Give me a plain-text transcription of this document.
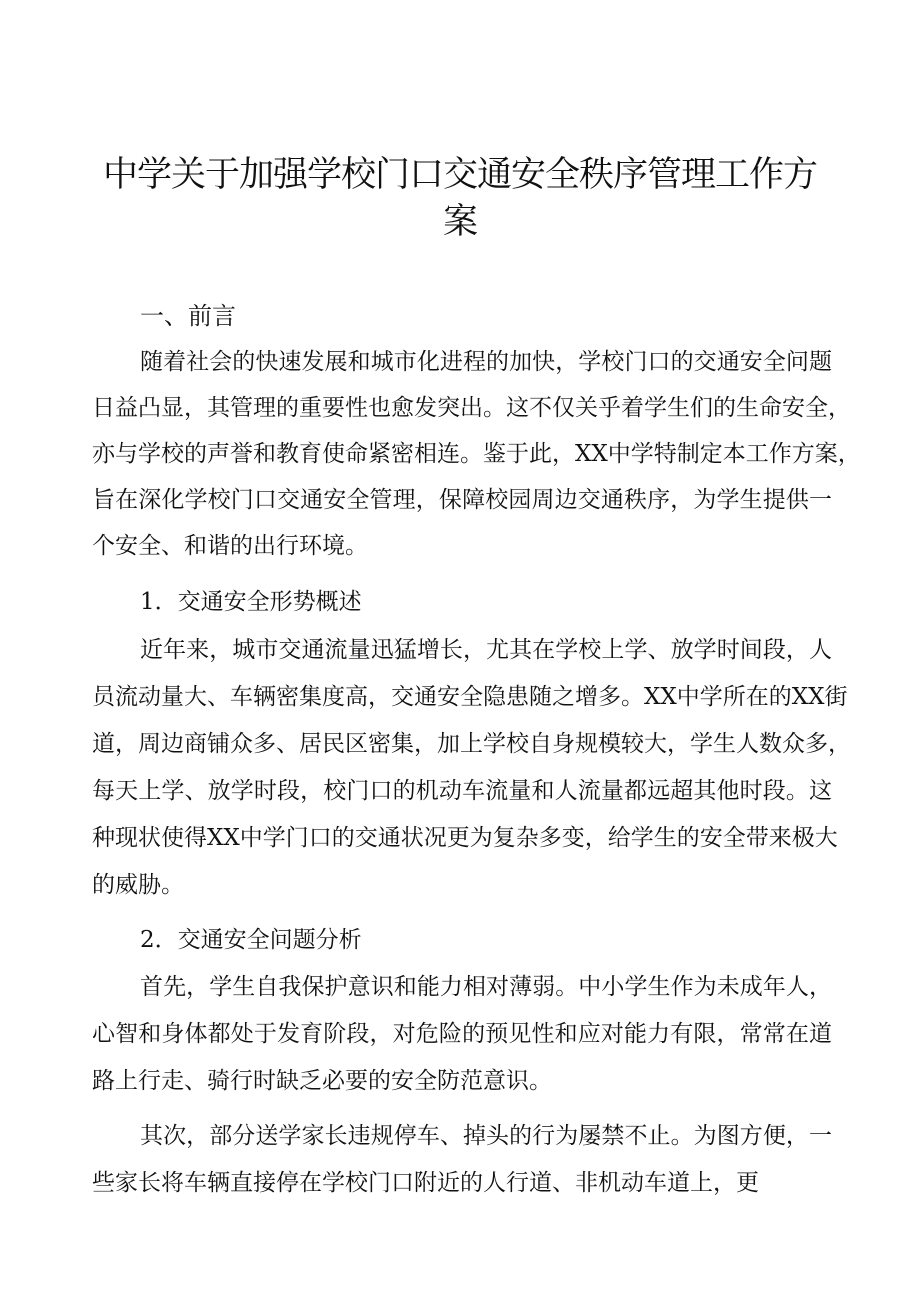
中学关于加强学校门口交通安全秩序管理工作方
案
一、前言
随着社会的快速发展和城市化进程的加快，学校门口的交通安全问题
日益凸显，其管理的重要性也愈发突出。这不仅关乎着学生们的生命安全，
亦与学校的声誉和教育使命紧密相连。鉴于此，XX中学特制定本工作方案，
旨在深化学校门口交通安全管理，保障校园周边交通秩序，为学生提供一
个安全、和谐的出行环境。
1．交通安全形势概述
近年来，城市交通流量迅猛增长，尤其在学校上学、放学时间段，人
员流动量大、车辆密集度高，交通安全隐患随之增多。XX中学所在的XX街
道，周边商铺众多、居民区密集，加上学校自身规模较大，学生人数众多，
每天上学、放学时段，校门口的机动车流量和人流量都远超其他时段。这
种现状使得XX中学门口的交通状况更为复杂多变，给学生的安全带来极大
的威胁。
2．交通安全问题分析
首先，学生自我保护意识和能力相对薄弱。中小学生作为未成年人，
心智和身体都处于发育阶段，对危险的预见性和应对能力有限，常常在道
路上行走、骑行时缺乏必要的安全防范意识。
其次，部分送学家长违规停车、掉头的行为屡禁不止。为图方便，一
些家长将车辆直接停在学校门口附近的人行道、非机动车道上，更
